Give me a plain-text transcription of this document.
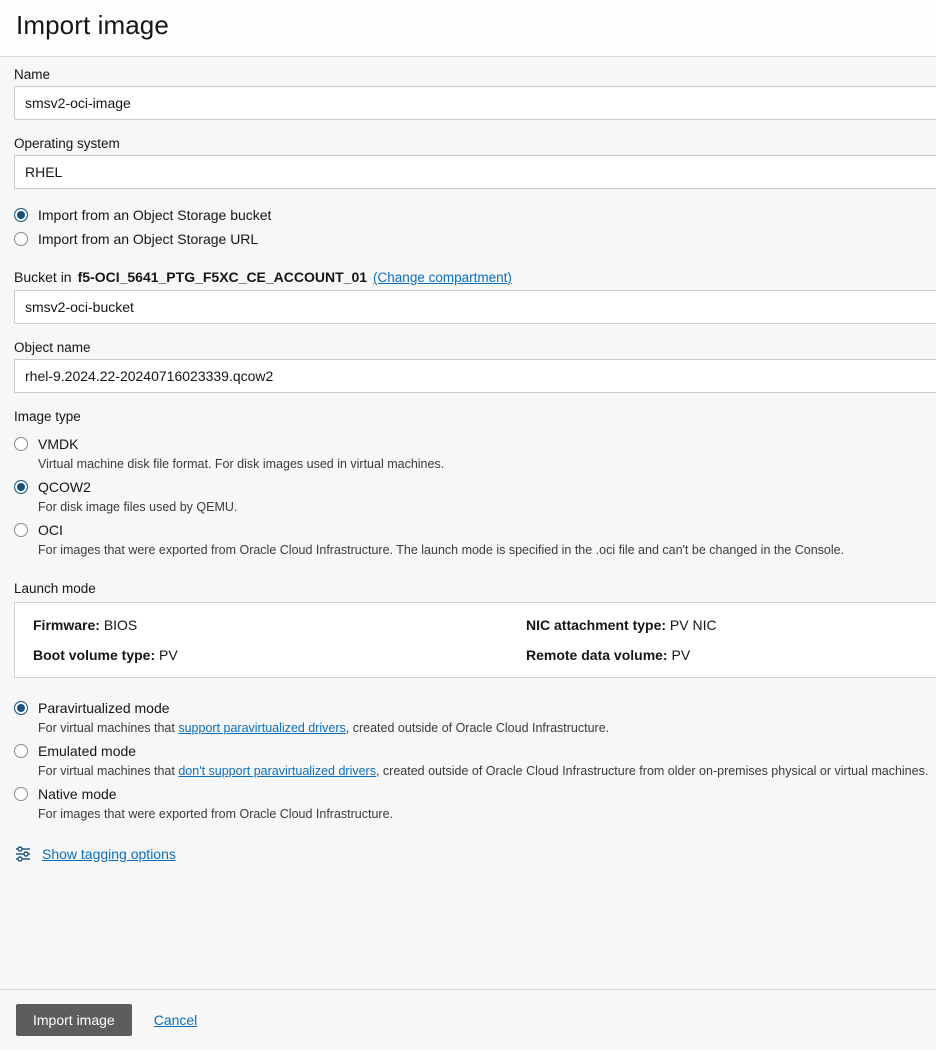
Import image
Name
smsv2-oci-image
Operating system
RHEL
Import from an Object Storage bucket
Import from an Object Storage URL
Bucket in f5-OCI_5641_PTG_F5XC_CE_ACCOUNT_01 (Change compartment)
smsv2-oci-bucket
Object name
rhel-9.2024.22-20240716023339.qcow2
Image type
VMDK
Virtual machine disk file format. For disk images used in virtual machines.
QCOW2
For disk image files used by QEMU.
OCI
For images that were exported from Oracle Cloud Infrastructure. The launch mode is specified in the .oci file and can't be changed in the Console.
Launch mode
Firmware: BIOS	NIC attachment type: PV NIC
Boot volume type: PV	Remote data volume: PV
Paravirtualized mode
For virtual machines that support paravirtualized drivers, created outside of Oracle Cloud Infrastructure.
Emulated mode
For virtual machines that don't support paravirtualized drivers, created outside of Oracle Cloud Infrastructure from older on-premises physical or virtual machines.
Native mode
For images that were exported from Oracle Cloud Infrastructure.
Show tagging options
Import image	Cancel
